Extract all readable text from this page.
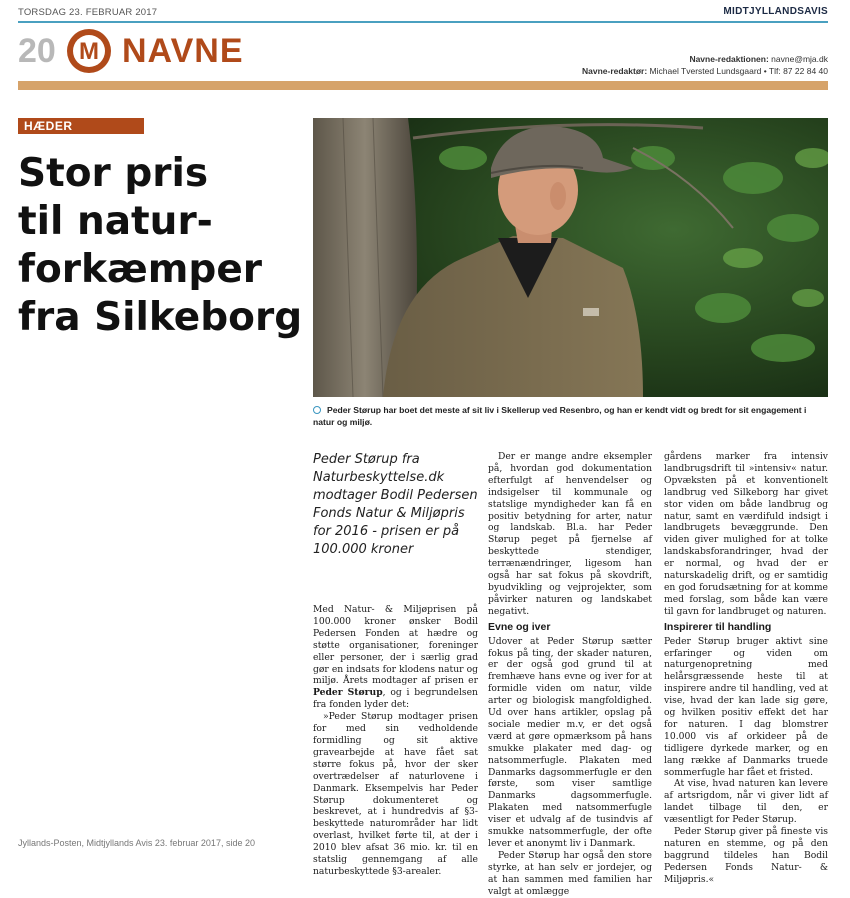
TORSDAG 23. FEBRUAR 2017	MIDTJYLLANDSAVIS
20 M NAVNE	Navne-redaktionen: navne@mja.dk
Navne-redaktør: Michael Tversted Lundsgaard • Tlf: 87 22 84 40
HÆDER
Stor pris
til natur-
forkæmper
fra Silkeborg
Peder Størup har boet det meste af sit liv i Skellerup ved Resenbro, og han er kendt vidt og bredt for sit engagement i natur og miljø.
Peder Størup fra Naturbeskyttelse.dk modtager Bodil Pedersen Fonds Natur & Miljøpris for 2016 - prisen er på 100.000 kroner

Med Natur- & Miljøprisen på 100.000 kroner ønsker Bodil Pedersen Fonden at hædre og støtte organisationer, foreninger eller personer, der i særlig grad gør en indsats for klodens natur og miljø. Årets modtager af prisen er Peder Størup, og i begrundelsen fra fonden lyder det:

»Peder Størup modtager prisen for med sin vedholdende formidling og sit aktive gravearbejde at have fået sat større fokus på, hvor der sker overtrædelser af naturlovene i Danmark. Eksempelvis har Peder Størup dokumenteret og beskrevet, at i hundredvis af §3-beskyttede naturområder har lidt overlast, hvilket førte til, at der i 2010 blev afsat 36 mio. kr. til en statslig gennemgang af alle naturbeskyttede §3-arealer.

Der er mange andre eksempler på, hvordan god dokumentation efterfulgt af henvendelser og indsigelser til kommunale og statslige myndigheder kan få en positiv betydning for arter, natur og landskab. Bl.a. har Peder Størup peget på fjernelse af beskyttede stendiger, terrænændringer, ligesom han også har sat fokus på skovdrift, byudvikling og vejprojekter, som påvirker naturen og landskabet negativt.

Evne og iver

Udover at Peder Størup sætter fokus på ting, der skader naturen, er der også god grund til at fremhæve hans evne og iver for at formidle viden om natur, vilde arter og biologisk mangfoldighed. Ud over hans artikler, opslag på sociale medier m.v, er det også værd at gøre opmærksom på hans smukke plakater med dag- og natsommerfugle. Plakaten med Danmarks dagsommerfugle er den første, som viser samtlige Danmarks dagsommerfugle. Plakaten med natsommerfugle viser et udvalg af de tusindvis af smukke natsommerfugle, der ofte lever et anonymt liv i Danmark.

Peder Størup har også den store styrke, at han selv er jordejer, og at han sammen med familien har valgt at omlægge

gårdens marker fra intensiv landbrugsdrift til »intensiv« natur. Opvæksten på et konventionelt landbrug ved Silkeborg har givet stor viden om både landbrug og natur, samt en værdifuld indsigt i landbrugets bevæggrunde. Den viden giver mulighed for at tolke landskabsforandringer, hvad der er normal, og hvad der er naturskadelig drift, og er samtidig en god forudsætning for at komme med forslag, som både kan være til gavn for landbruget og naturen.

Inspirerer til handling

Peder Størup bruger aktivt sine erfaringer og viden om naturgenopretning med helårsgræssende heste til at inspirere andre til handling, ved at vise, hvad der kan lade sig gøre, og hvilken positiv effekt det har for naturen. I dag blomstrer 10.000 vis af orkideer på de tidligere dyrkede marker, og en lang række af Danmarks truede sommerfugle har fået et fristed.

At vise, hvad naturen kan levere af artsrigdom, når vi giver lidt af landet tilbage til den, er væsentligt for Peder Størup.

Peder Størup giver på fineste vis naturen en stemme, og på den baggrund tildeles han Bodil Pedersen Fonds Natur- & Miljøpris.«

Jyllands-Posten, Midtjyllands Avis 23. februar 2017, side 20
